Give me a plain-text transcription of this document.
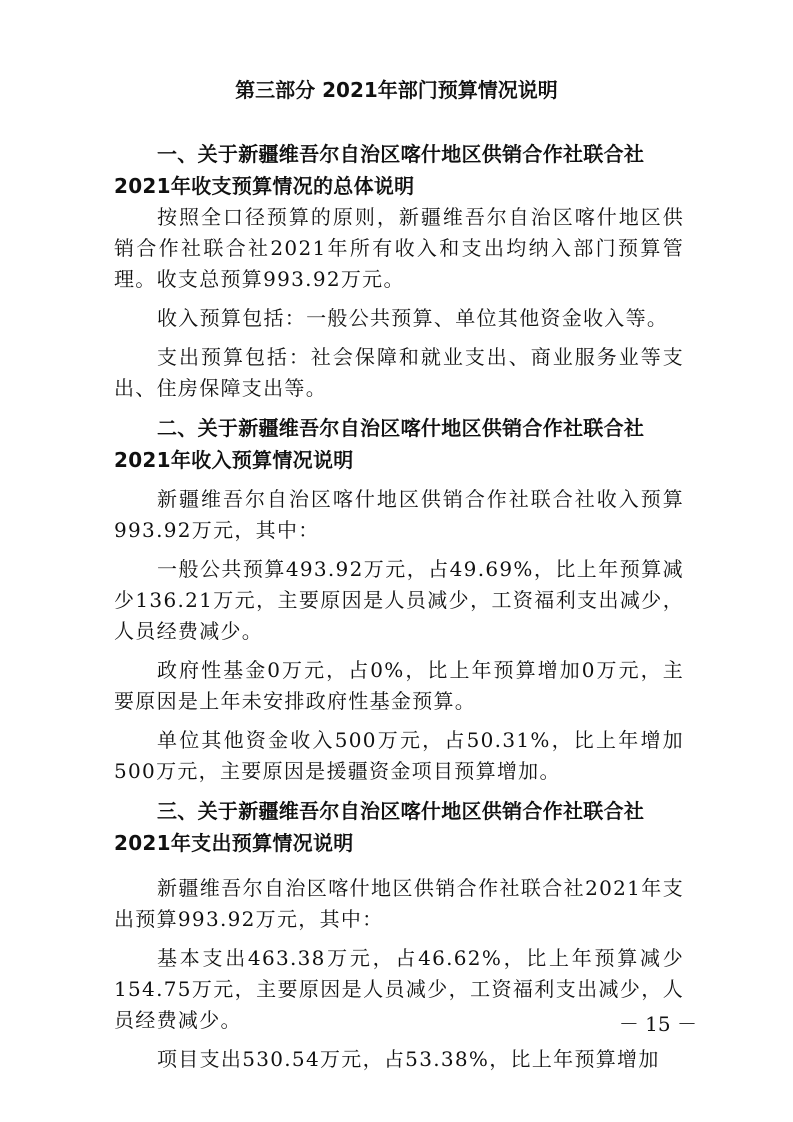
第三部分 2021年部门预算情况说明
一、关于新疆维吾尔自治区喀什地区供销合作社联合社2021年收支预算情况的总体说明

按照全口径预算的原则，新疆维吾尔自治区喀什地区供销合作社联合社2021年所有收入和支出均纳入部门预算管理。收支总预算993.92万元。

收入预算包括：一般公共预算、单位其他资金收入等。

支出预算包括：社会保障和就业支出、商业服务业等支出、住房保障支出等。

二、关于新疆维吾尔自治区喀什地区供销合作社联合社2021年收入预算情况说明

新疆维吾尔自治区喀什地区供销合作社联合社收入预算993.92万元，其中：

一般公共预算493.92万元，占49.69%，比上年预算减少136.21万元，主要原因是人员减少，工资福利支出减少，人员经费减少。

政府性基金0万元，占0%，比上年预算增加0万元，主要原因是上年未安排政府性基金预算。

单位其他资金收入500万元，占50.31%，比上年增加500万元，主要原因是援疆资金项目预算增加。

三、关于新疆维吾尔自治区喀什地区供销合作社联合社2021年支出预算情况说明

新疆维吾尔自治区喀什地区供销合作社联合社2021年支出预算993.92万元，其中：

基本支出463.38万元，占46.62%，比上年预算减少154.75万元，主要原因是人员减少，工资福利支出减少，人员经费减少。

项目支出530.54万元，占53.38%，比上年预算增加

－ 15 －
